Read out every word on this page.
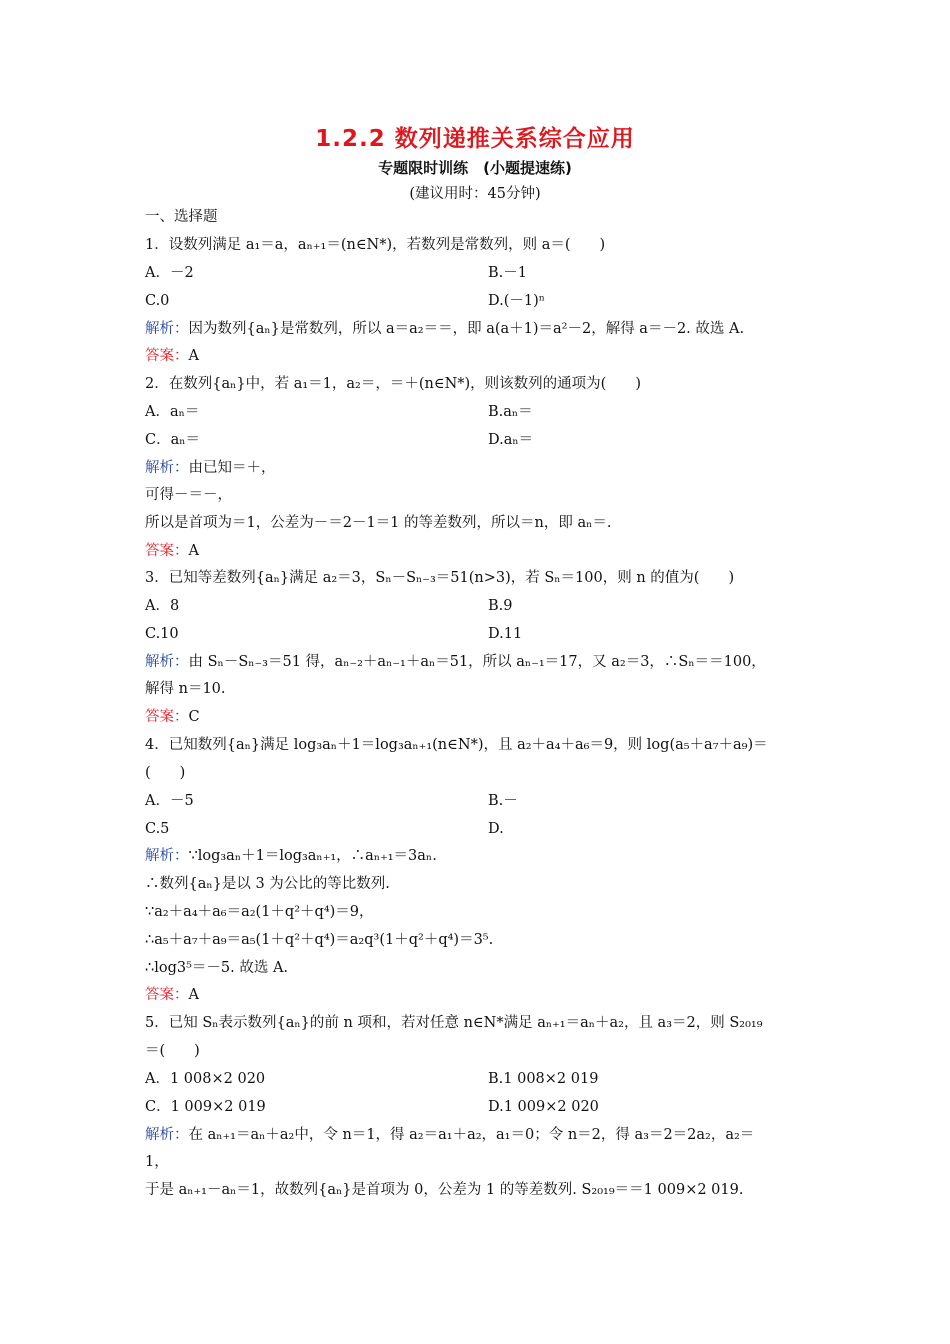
1.2.2 数列递推关系综合应用
专题限时训练　(小题提速练)
(建议用时：45分钟)
一、选择题
1．设数列满足 a₁＝a，aₙ₊₁＝(n∈N*)，若数列是常数列，则 a＝(　　)
A．－2	B.－1
C.0	D.(－1)ⁿ
解析：因为数列{aₙ}是常数列，所以 a＝a₂＝＝，即 a(a＋1)＝a²－2，解得 a＝－2. 故选 A.
答案：A
2．在数列{aₙ}中，若 a₁＝1，a₂＝，＝＋(n∈N*)，则该数列的通项为(　　)
A．aₙ＝	B.aₙ＝
C．aₙ＝	D.aₙ＝
解析：由已知＝＋，
可得－＝－，
所以是首项为＝1，公差为－＝2－1＝1 的等差数列，所以＝n，即 aₙ＝.
答案：A
3．已知等差数列{aₙ}满足 a₂＝3，Sₙ－Sₙ₋₃＝51(n>3)，若 Sₙ＝100，则 n 的值为(　　)
A．8	B.9
C.10	D.11
解析：由 Sₙ－Sₙ₋₃＝51 得，aₙ₋₂＋aₙ₋₁＋aₙ＝51，所以 aₙ₋₁＝17，又 a₂＝3，∴Sₙ＝＝100，
解得 n＝10.
答案：C
4．已知数列{aₙ}满足 log₃aₙ＋1＝log₃aₙ₊₁(n∈N*)，且 a₂＋a₄＋a₆＝9，则 log(a₅＋a₇＋a₉)＝
(　　)
A．－5	B.－
C.5	D.
解析：∵log₃aₙ＋1＝log₃aₙ₊₁，∴aₙ₊₁＝3aₙ.
∴数列{aₙ}是以 3 为公比的等比数列.
∵a₂＋a₄＋a₆＝a₂(1＋q²＋q⁴)＝9，
∴a₅＋a₇＋a₉＝a₅(1＋q²＋q⁴)＝a₂q³(1＋q²＋q⁴)＝3⁵.
∴log3⁵＝－5. 故选 A.
答案：A
5．已知 Sₙ表示数列{aₙ}的前 n 项和，若对任意 n∈N*满足 aₙ₊₁＝aₙ＋a₂，且 a₃＝2，则 S₂₀₁₉
＝(　　)
A．1 008×2 020	B.1 008×2 019
C．1 009×2 019	D.1 009×2 020
解析：在 aₙ₊₁＝aₙ＋a₂中，令 n＝1，得 a₂＝a₁＋a₂，a₁＝0；令 n＝2，得 a₃＝2＝2a₂，a₂＝
1，
于是 aₙ₊₁－aₙ＝1，故数列{aₙ}是首项为 0，公差为 1 的等差数列. S₂₀₁₉＝＝1 009×2 019.
